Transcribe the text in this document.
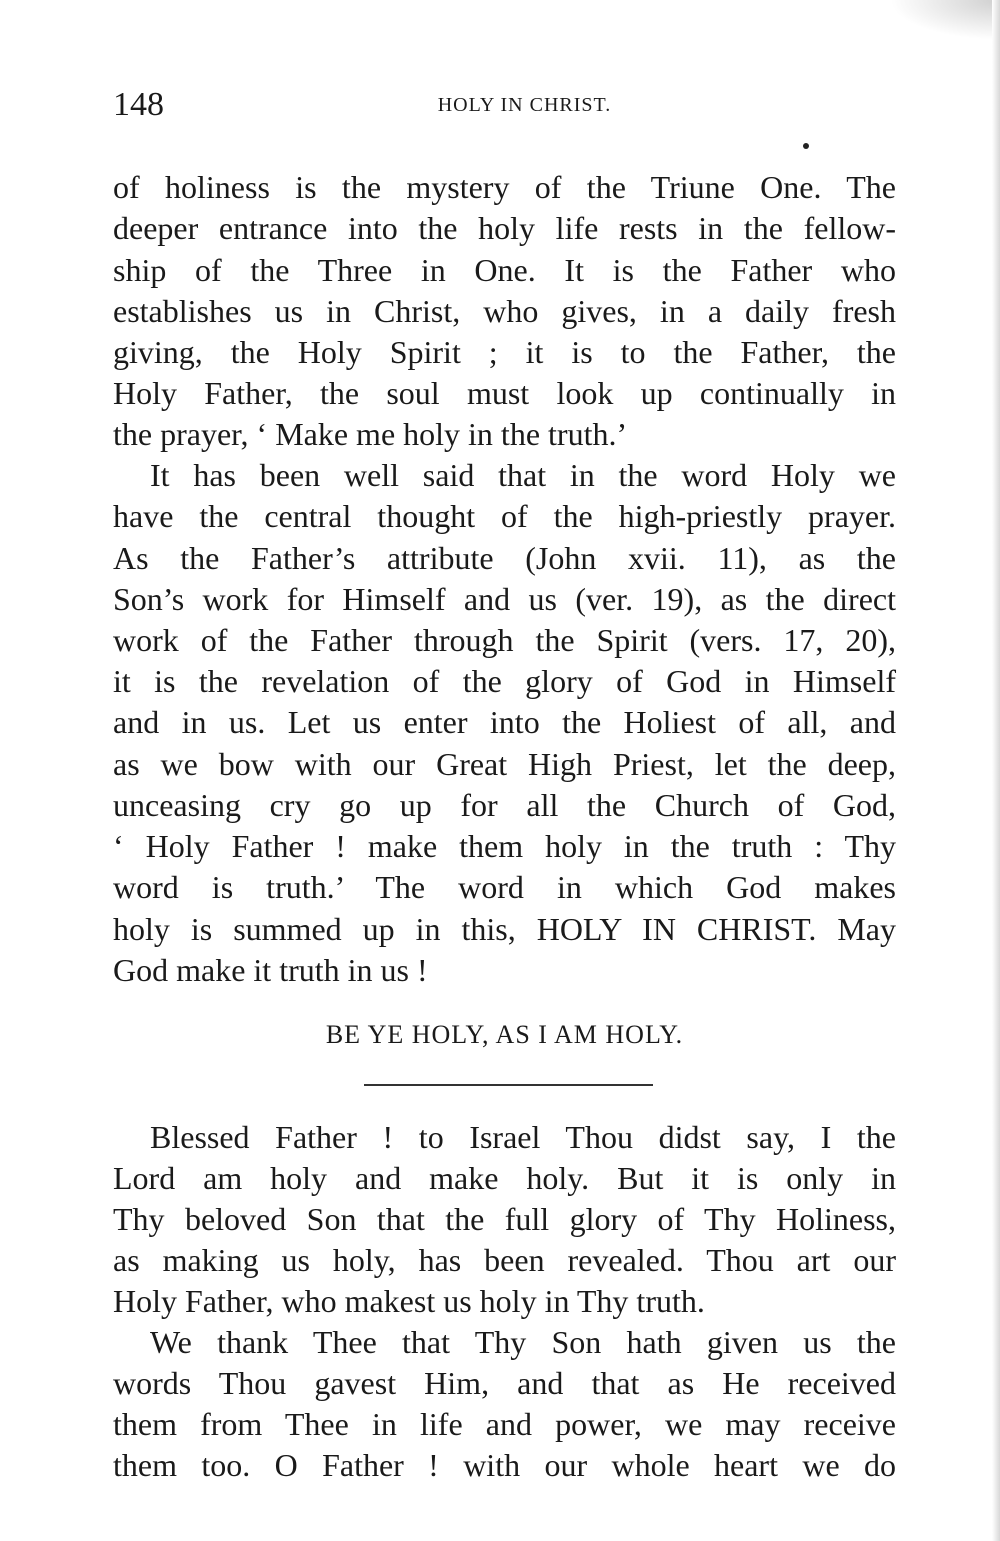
148	HOLY IN CHRIST.
of holiness is the mystery of the Triune One. The
deeper entrance into the holy life rests in the fellow-
ship of the Three in One. It is the Father who
establishes us in Christ, who gives, in a daily fresh
giving, the Holy Spirit ; it is to the Father, the
Holy Father, the soul must look up continually in
the prayer, ‘ Make me holy in the truth.’
It has been well said that in the word Holy we
have the central thought of the high-priestly prayer.
As the Father’s attribute (John xvii. 11), as the
Son’s work for Himself and us (ver. 19), as the direct
work of the Father through the Spirit (vers. 17, 20),
it is the revelation of the glory of God in Himself
and in us. Let us enter into the Holiest of all, and
as we bow with our Great High Priest, let the deep,
unceasing cry go up for all the Church of God,
‘ Holy Father ! make them holy in the truth : Thy
word is truth.’ The word in which God makes
holy is summed up in this, HOLY IN CHRIST. May
God make it truth in us !
BE YE HOLY, AS I AM HOLY.
Blessed Father ! to Israel Thou didst say, I the
Lord am holy and make holy. But it is only in
Thy beloved Son that the full glory of Thy Holiness,
as making us holy, has been revealed. Thou art our
Holy Father, who makest us holy in Thy truth.
We thank Thee that Thy Son hath given us the
words Thou gavest Him, and that as He received
them from Thee in life and power, we may receive
them too. O Father ! with our whole heart we do
